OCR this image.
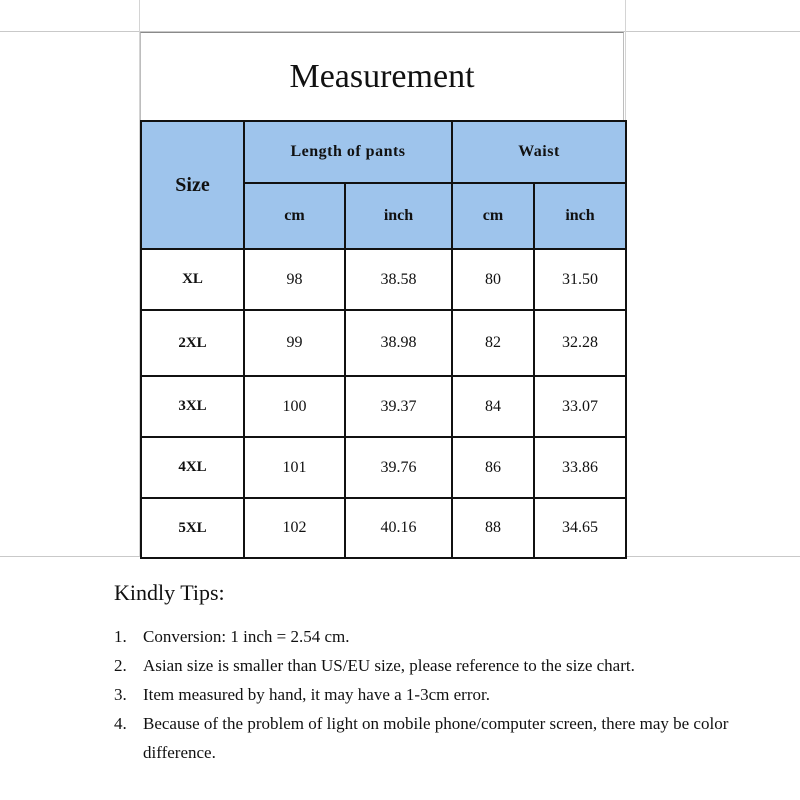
Measurement
Size	Length of pants		Waist	
	cm	inch	cm	inch
XL	98	38.58	80	31.50
2XL	99	38.98	82	32.28
3XL	100	39.37	84	33.07
4XL	101	39.76	86	33.86
5XL	102	40.16	88	34.65
Kindly Tips:
1. Conversion: 1 inch = 2.54 cm.
2. Asian size is smaller than US/EU size, please reference to the size chart.
3. Item measured by hand, it may have a 1-3cm error.
4. Because of the problem of light on mobile phone/computer screen, there may be color difference.
